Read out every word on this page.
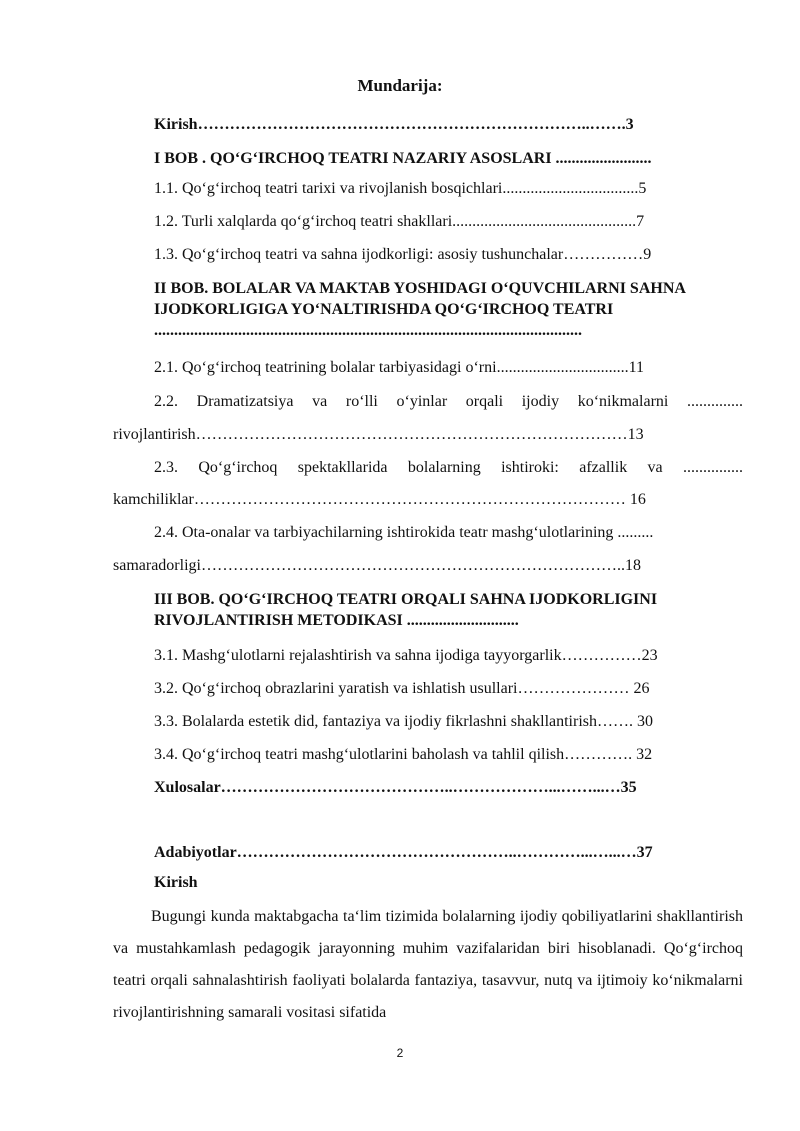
Mundarija:
Kirish………………………………………………………………..…….3
I BOB . QO‘G‘IRCHOQ TEATRI NAZARIY ASOSLARI ........................
1.1. Qo‘g‘irchoq teatri tarixi va rivojlanish bosqichlari..................................5
1.2. Turli xalqlarda qo‘g‘irchoq teatri shakllari..............................................7
1.3. Qo‘g‘irchoq teatri va sahna ijodkorligi: asosiy tushunchalar……………9
II BOB. BOLALAR VA MAKTAB YOSHIDAGI O‘QUVCHILARNI SAHNA IJODKORLIGIGA YO‘NALTIRISHDA QO‘G‘IRCHOQ TEATRI ...........................................................................................................
2.1. Qo‘g‘irchoq teatrining bolalar tarbiyasidagi o‘rni.................................11
2.2. Dramatizatsiya va ro‘lli o‘yinlar orqali ijodiy ko‘nikmalarni ..............
rivojlantirish………………………………………………………………………13
2.3. Qo‘g‘irchoq spektakllarida bolalarning ishtiroki: afzallik va ...............
kamchiliklar……………………………………………………………………… 16
2.4. Ota-onalar va tarbiyachilarning ishtirokida teatr mashg‘ulotlarining .........
samaradorligi……………………………………………………………………..18
III BOB. QO‘G‘IRCHOQ TEATRI ORQALI SAHNA IJODKORLIGINI RIVOJLANTIRISH METODIKASI ............................
3.1. Mashg‘ulotlarni rejalashtirish va sahna ijodiga tayyorgarlik……………23
3.2. Qo‘g‘irchoq obrazlarini yaratish va ishlatish usullari………………… 26
3.3. Bolalarda estetik did, fantaziya va ijodiy fikrlashni shakllantirish……. 30
3.4. Qo‘g‘irchoq teatri mashg‘ulotlarini baholash va tahlil qilish…………. 32
Xulosalar……………………………………..………………...……...…35
Adabiyotlar……………………………………………..…………...…...…37
Kirish
Bugungi kunda maktabgacha ta‘lim tizimida bolalarning ijodiy qobiliyatlarini shakllantirish va mustahkamlash pedagogik jarayonning muhim vazifalaridan biri hisoblanadi. Qo‘g‘irchoq teatri orqali sahnalashtirish faoliyati bolalarda fantaziya, tasavvur, nutq va ijtimoiy ko‘nikmalarni rivojlantirishning samarali vositasi sifatida
2
